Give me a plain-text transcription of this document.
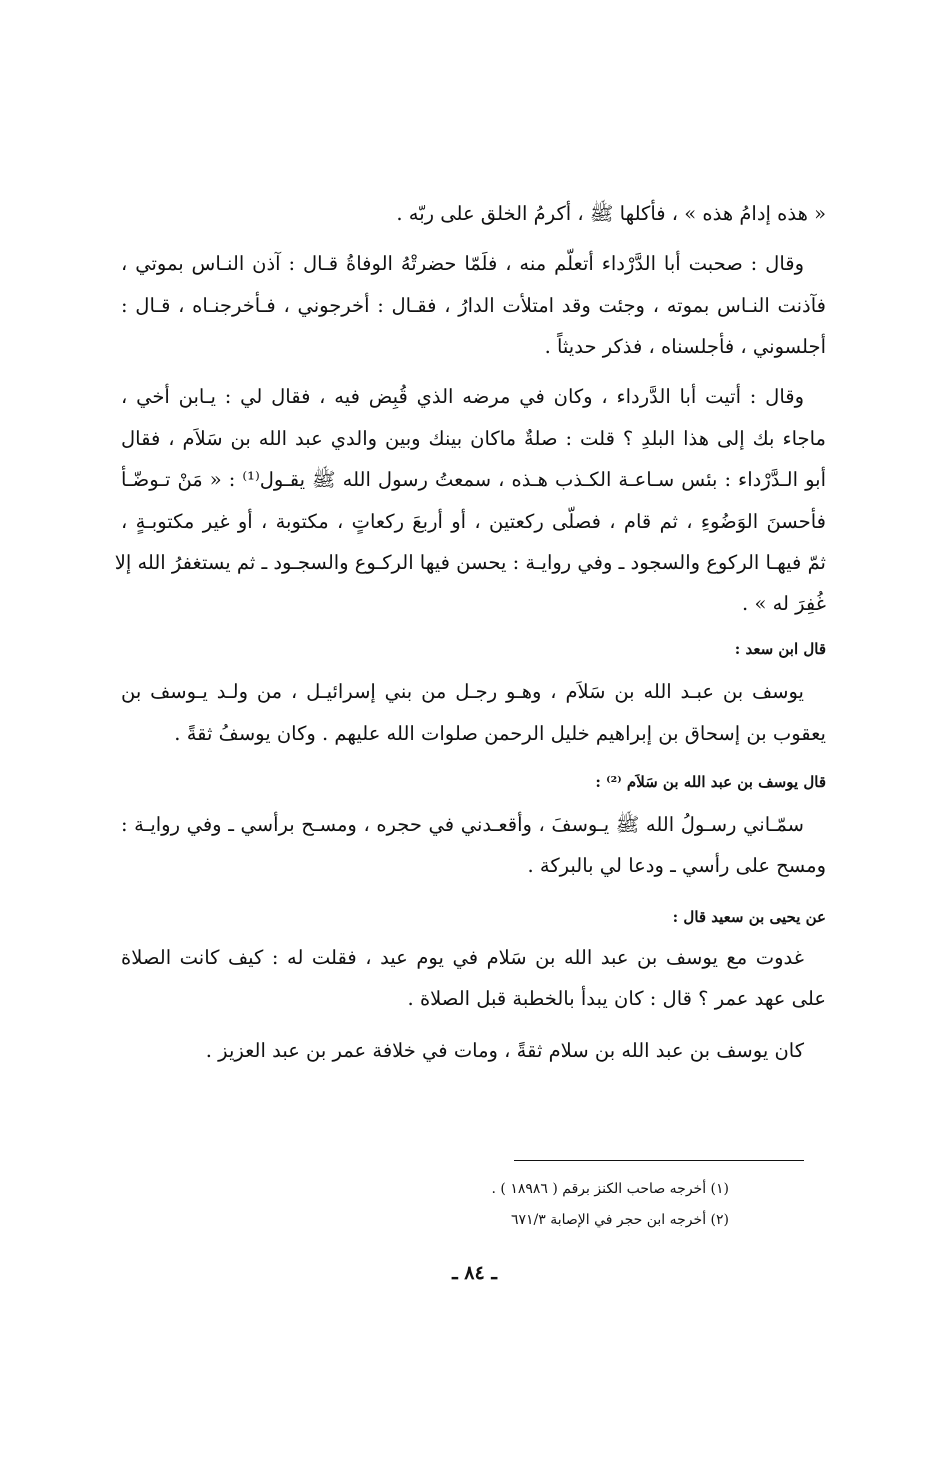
« هذه إدامُ هذه » ، فأكلها ﷺ ، أكرمُ الخلق على ربّه .
وقال : صحبت أبا الدَّرْداء أتعلّم منه ، فلَمّا حضرتْهُ الوفاةُ قـال : آذن النـاس بموتي ،
فآذنت النـاس بموته ، وجئت وقد امتلأت الدارُ ، فقـال : أخرجوني ، فـأخرجنـاه ، قـال :
أجلسوني ، فأجلسناه ، فذكر حديثاً .
وقال : أتيت أبا الدَّرداء ، وكان في مرضه الذي قُبِض فيه ، فقال لي : يـابن أخي ،
ماجاء بك إلى هذا البلدِ ؟ قلت : صلةٌ ماكان بينك وبين والدي عبد الله بن سَلاَم ، فقال
أبو الـدَّرْداء : بئس سـاعـة الكـذب هـذه ، سمعتُ رسول الله ﷺ يقـول⁽¹⁾ : « مَنْ تـوضّـأ
فأحسنَ الوَضُوءِ ، ثم قام ، فصلّى ركعتين ، أو أربعَ ركعاتٍ ، مكتوبة ، أو غير مكتوبـةٍ ،
ثمّ فيهـا الركوع والسجود ـ وفي روايـة : يحسن فيها الركـوع والسجـود ـ ثم يستغفرُ الله إلا
غُفِرَ له » .
قال ابن سعد :
يوسف بن عبـد الله بن سَلاَم ، وهـو رجـل من بني إسرائيـل ، من ولـد يـوسف بن
يعقوب بن إسحاق بن إبراهيم خليل الرحمن صلوات الله عليهم . وكان يوسفُ ثقةً .
قال يوسف بن عبد الله بن سَلاَم ⁽²⁾ :
سمّـاني رسـولُ الله ﷺ يـوسفَ ، وأقعـدني في حجره ، ومسـح برأسي ـ وفي روايـة :
ومسح على رأسي ـ ودعا لي بالبركة .
عن يحيى بن سعيد قال :
غدوت مع يوسف بن عبد الله بن سَلام في يوم عيد ، فقلت له : كيف كانت الصلاة
على عهد عمر ؟ قال : كان يبدأ بالخطبة قبل الصلاة .
كان يوسف بن عبد الله بن سلام ثقةً ، ومات في خلافة عمر بن عبد العزيز .
(١) أخرجه صاحب الكنز برقم ( ١٨٩٨٦ ) .
(٢) أخرجه ابن حجر في الإصابة ٦٧١/٣
ـ ٨٤ ـ
